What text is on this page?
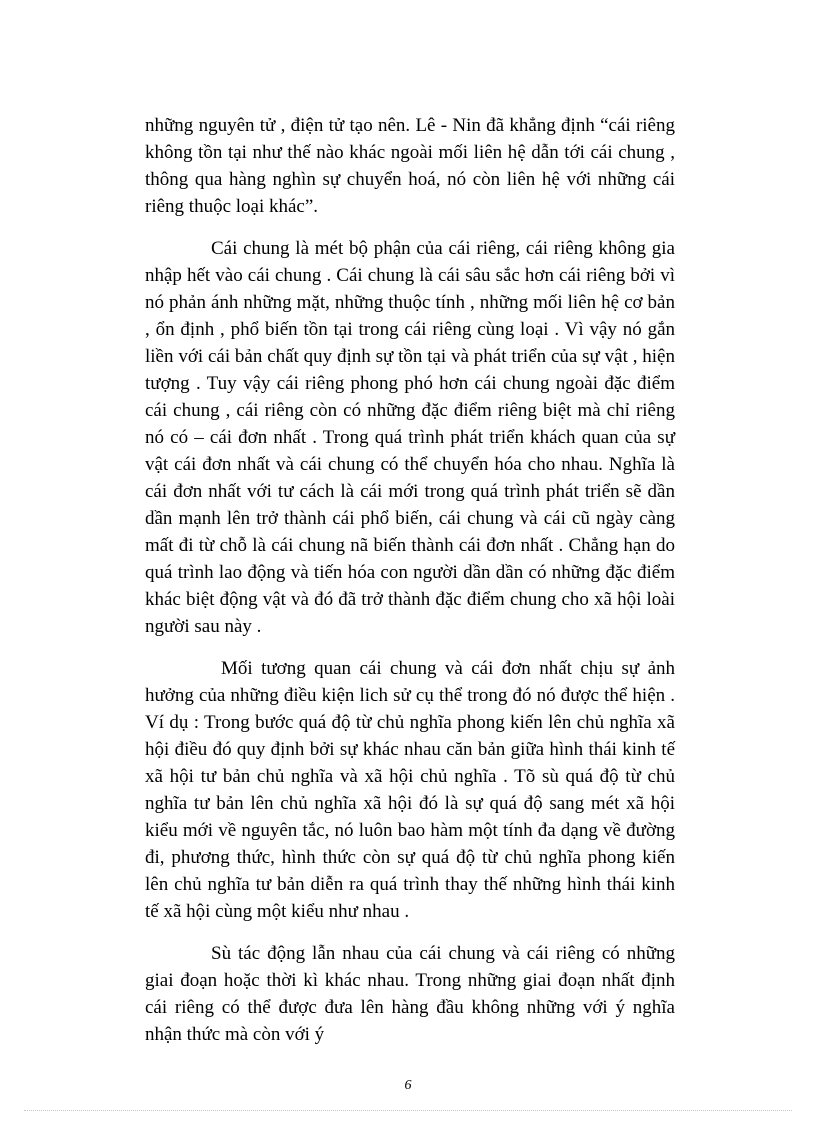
những nguyên tử , điện tử tạo nên. Lê - Nin đã khẳng định “cái riêng không tồn tại như thế nào khác ngoài mối liên hệ dẫn tới cái chung , thông qua hàng nghìn sự chuyển hoá, nó còn liên hệ với những cái riêng thuộc loại khác”.

Cái chung là mét bộ phận của cái riêng, cái riêng không gia nhập hết vào cái chung . Cái chung là cái sâu sắc hơn cái riêng bởi vì nó phản ánh những mặt, những thuộc tính , những mối liên hệ cơ bản , ổn định , phổ biến tồn tại trong cái riêng cùng loại . Vì vậy nó gắn liền với cái bản chất quy định sự tồn tại và phát triển của sự vật , hiện tượng . Tuy vậy cái riêng phong phó hơn cái chung ngoài đặc điểm cái chung , cái riêng còn có những đặc điểm riêng biệt mà chỉ riêng nó có – cái đơn nhất . Trong quá trình phát triển khách quan của sự vật cái đơn nhất và cái chung có thể chuyển hóa cho nhau. Nghĩa là cái đơn nhất với tư cách là cái mới trong quá trình phát triển sẽ dần dần mạnh lên trở thành cái phổ biến, cái chung và cái cũ ngày càng mất đi từ chỗ là cái chung nã biến thành cái đơn nhất . Chẳng hạn do quá trình lao động và tiến hóa con người dần dần có những đặc điểm khác biệt động vật và đó đã trở thành đặc điểm chung cho xã hội loài người sau này .

Mối tương quan cái chung và cái đơn nhất chịu sự ảnh hưởng của những điều kiện lich sử cụ thể trong đó nó được thể hiện . Ví dụ : Trong bước quá độ từ chủ nghĩa phong kiến lên chủ nghĩa xã hội điều đó quy định bởi sự khác nhau căn bản giữa hình thái kinh tế xã hội tư bản chủ nghĩa và xã hội chủ nghĩa . Tõ sù quá độ từ chủ nghĩa tư bản lên chủ nghĩa xã hội đó là sự quá độ sang mét xã hội kiểu mới về nguyên tắc, nó luôn bao hàm một tính đa dạng về đường đi, phương thức, hình thức còn sự quá độ từ chủ nghĩa phong kiến lên chủ nghĩa tư bản diễn ra quá trình thay thế những hình thái kinh tế xã hội cùng một kiểu như nhau .

Sù tác động lẫn nhau của cái chung và cái riêng có những giai đoạn hoặc thời kì khác nhau. Trong những giai đoạn nhất định cái riêng có thể được đưa lên hàng đầu không những với ý nghĩa nhận thức mà còn với ý

6
